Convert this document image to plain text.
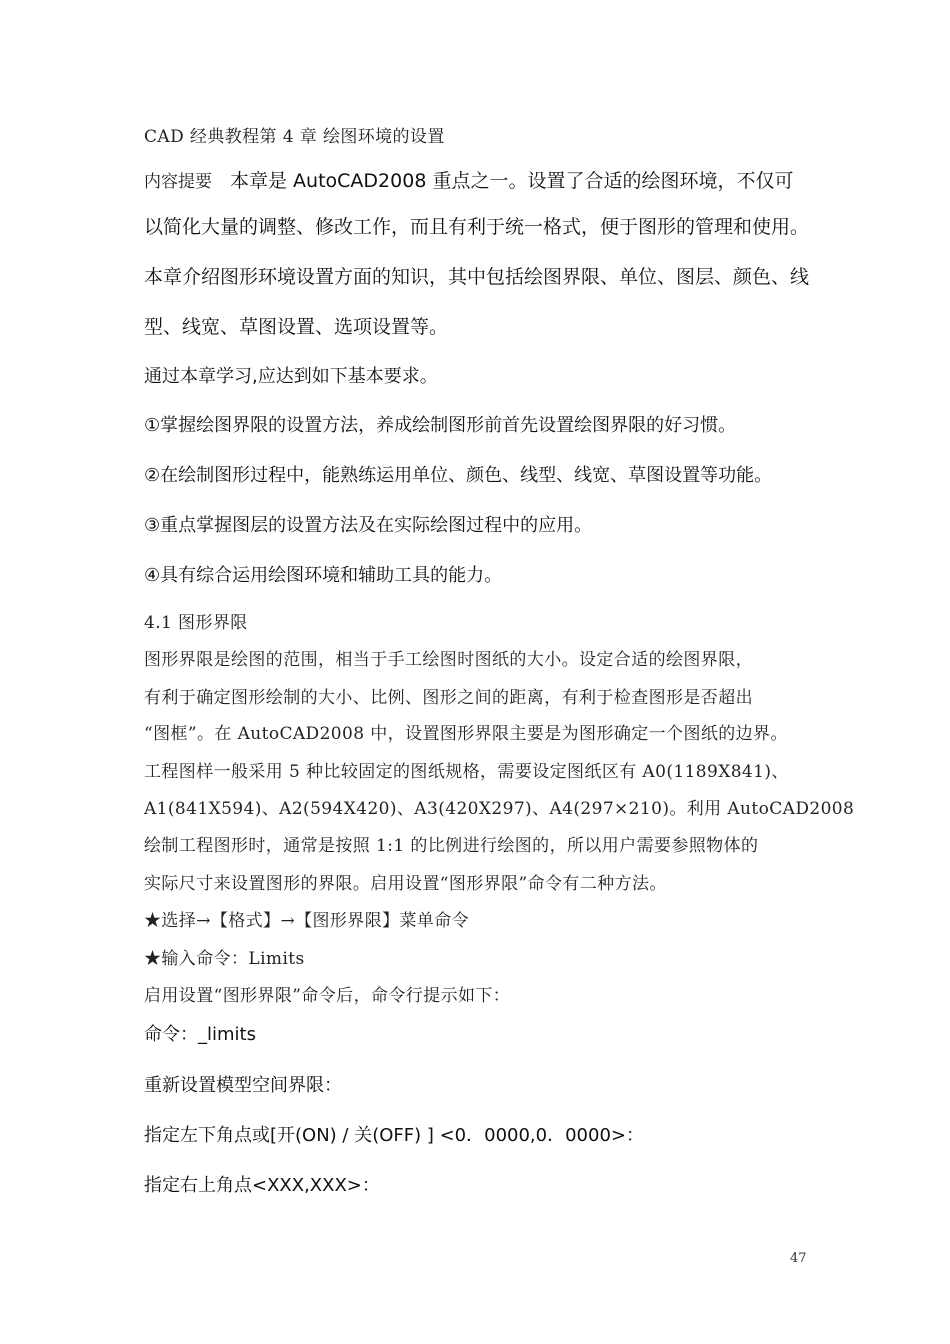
CAD 经典教程第 4 章 绘图环境的设置

内容提要 本章是 AutoCAD2008 重点之一。设置了合适的绘图环境，不仅可

以简化大量的调整、修改工作，而且有利于统一格式，便于图形的管理和使用。

本章介绍图形环境设置方面的知识，其中包括绘图界限、单位、图层、颜色、线

型、线宽、草图设置、选项设置等。

通过本章学习,应达到如下基本要求。

①掌握绘图界限的设置方法，养成绘制图形前首先设置绘图界限的好习惯。

②在绘制图形过程中，能熟练运用单位、颜色、线型、线宽、草图设置等功能。

③重点掌握图层的设置方法及在实际绘图过程中的应用。

④具有综合运用绘图环境和辅助工具的能力。

4.1 图形界限

图形界限是绘图的范围，相当于手工绘图时图纸的大小。设定合适的绘图界限，

有利于确定图形绘制的大小、比例、图形之间的距离，有利于检查图形是否超出

“图框”。在 AutoCAD2008 中，设置图形界限主要是为图形确定一个图纸的边界。

工程图样一般采用 5 种比较固定的图纸规格，需要设定图纸区有 A0(1189X841)、

A1(841X594)、A2(594X420)、A3(420X297)、A4(297×210)。利用 AutoCAD2008

绘制工程图形时，通常是按照 1:1 的比例进行绘图的，所以用户需要参照物体的

实际尺寸来设置图形的界限。启用设置“图形界限”命令有二种方法。

★选择→【格式】→【图形界限】菜单命令

★输入命令：Limits

启用设置“图形界限”命令后，命令行提示如下：

命令：_limits

重新设置模型空间界限：

指定左下角点或[开(ON) / 关(OFF) ] <0．0000,0．0000>：

指定右上角点<XXX,XXX>：

47
